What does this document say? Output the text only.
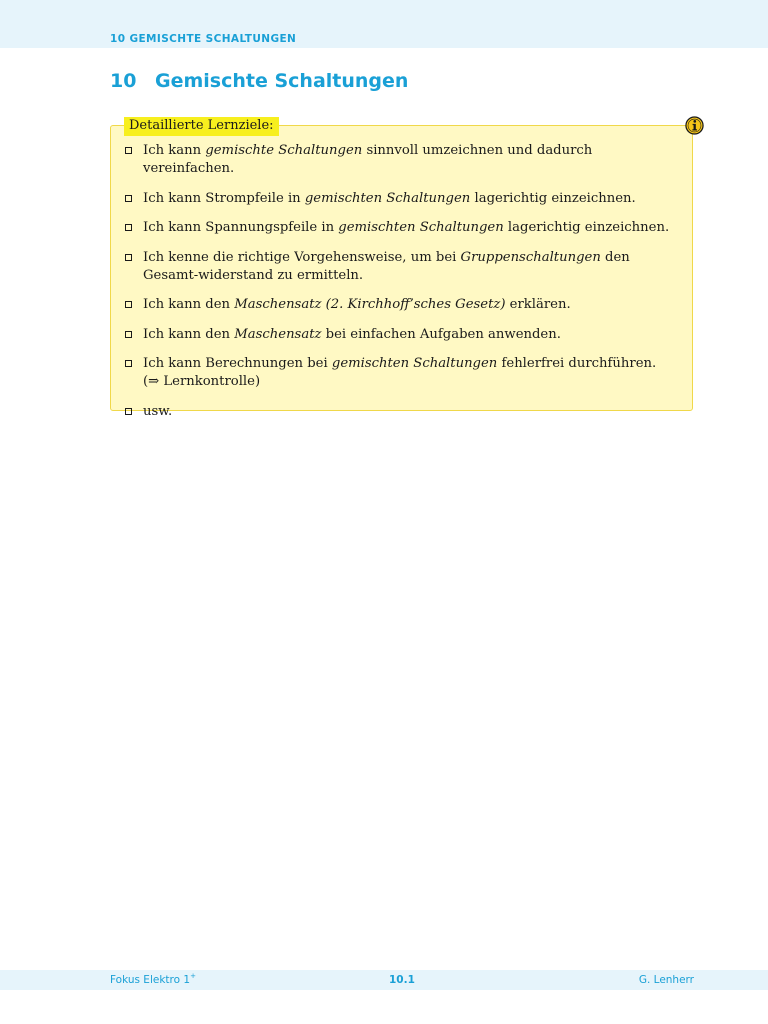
10 GEMISCHTE SCHALTUNGEN
10 Gemischte Schaltungen
Detaillierte Lernziele:
Ich kann gemischte Schaltungen sinnvoll umzeichnen und dadurch vereinfachen.
Ich kann Strompfeile in gemischten Schaltungen lagerichtig einzeichnen.
Ich kann Spannungspfeile in gemischten Schaltungen lagerichtig einzeichnen.
Ich kenne die richtige Vorgehensweise, um bei Gruppenschaltungen den Gesamt-widerstand zu ermitteln.
Ich kann den Maschensatz (2. Kirchhoff’sches Gesetz) erklären.
Ich kann den Maschensatz bei einfachen Aufgaben anwenden.
Ich kann Berechnungen bei gemischten Schaltungen fehlerfrei durchführen. (⇒ Lernkontrolle)
usw.
Fokus Elektro 1+	10.1	G. Lenherr
